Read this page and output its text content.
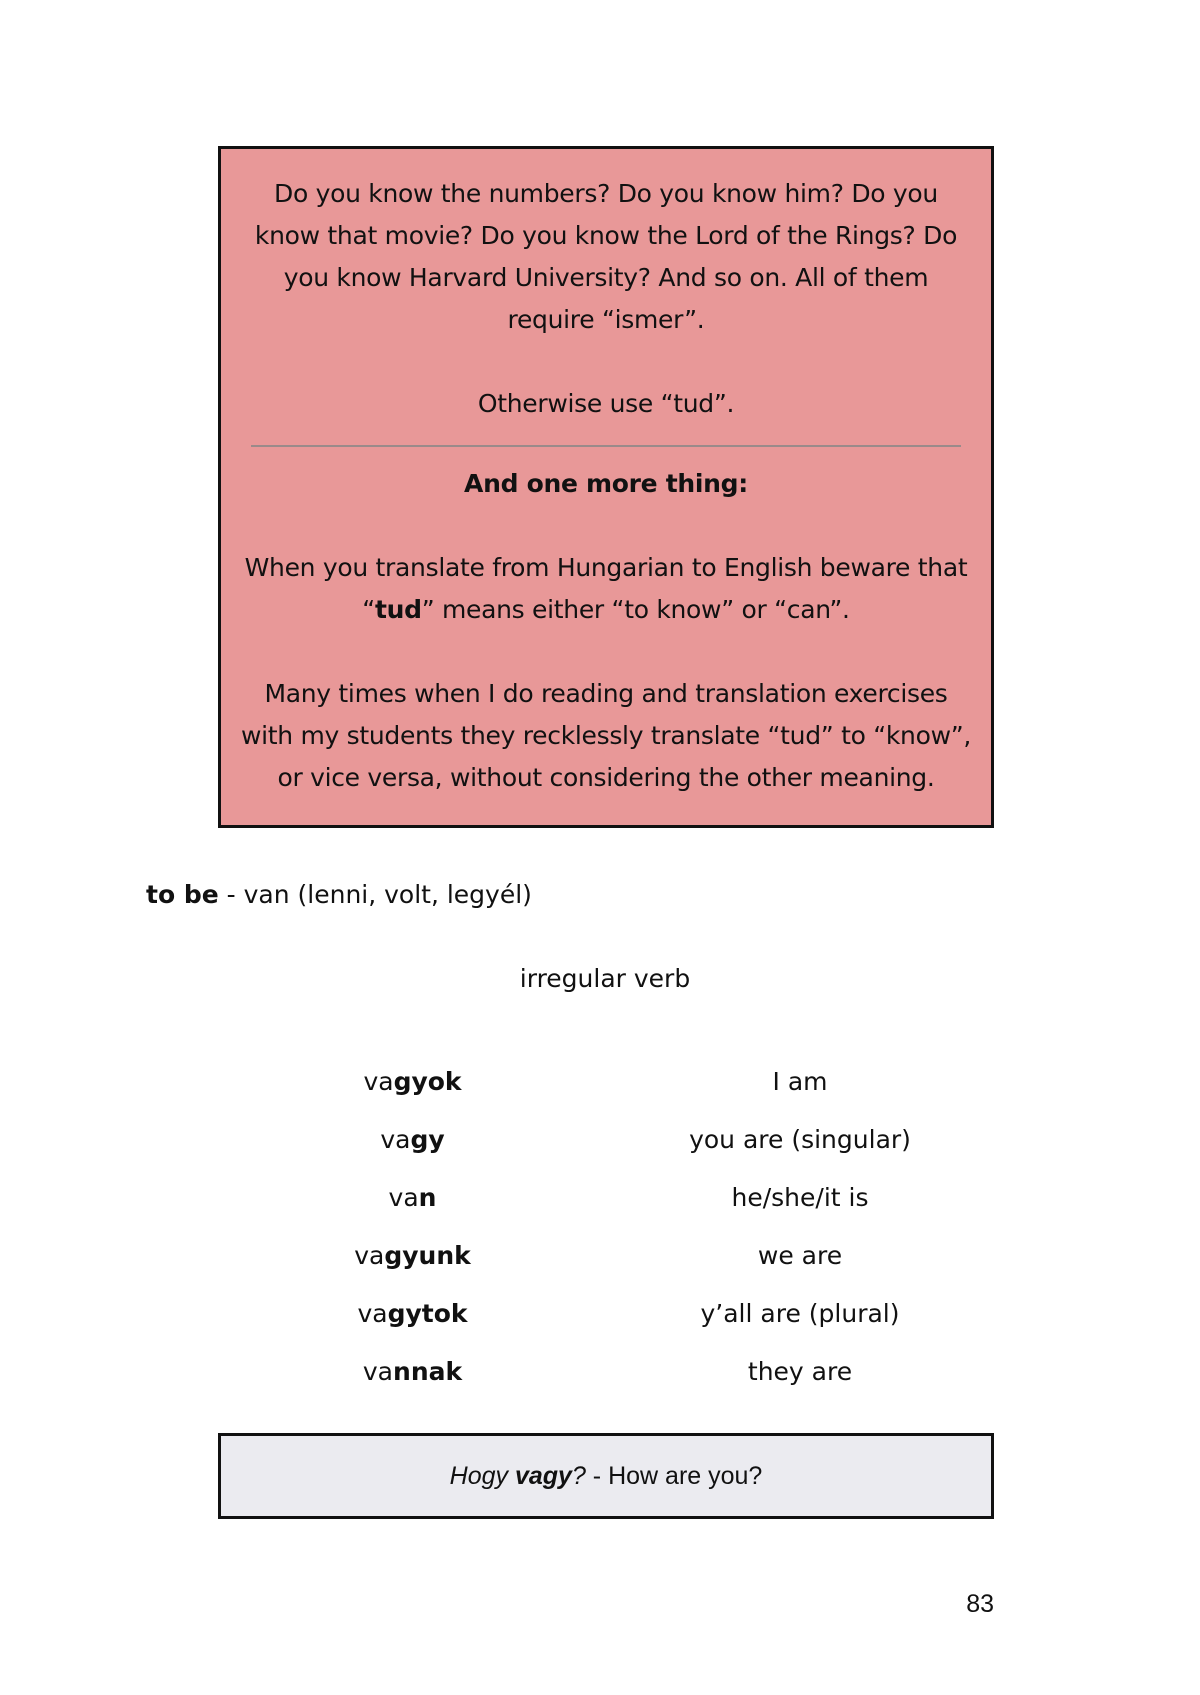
Do you know the numbers? Do you know him? Do you know that movie? Do you know the Lord of the Rings? Do you know Harvard University? And so on. All of them require “ismer”.

Otherwise use “tud”.

And one more thing:

When you translate from Hungarian to English beware that “tud” means either “to know” or “can”.

Many times when I do reading and translation exercises with my students they recklessly translate “tud” to “know”, or vice versa, without considering the other meaning.

to be - van (lenni, volt, legyél)
irregular verb
vagyok	I am
vagy	you are (singular)
van	he/she/it is
vagyunk	we are
vagytok	y’all are (plural)
vannak	they are
Hogy vagy? - How are you?
83
